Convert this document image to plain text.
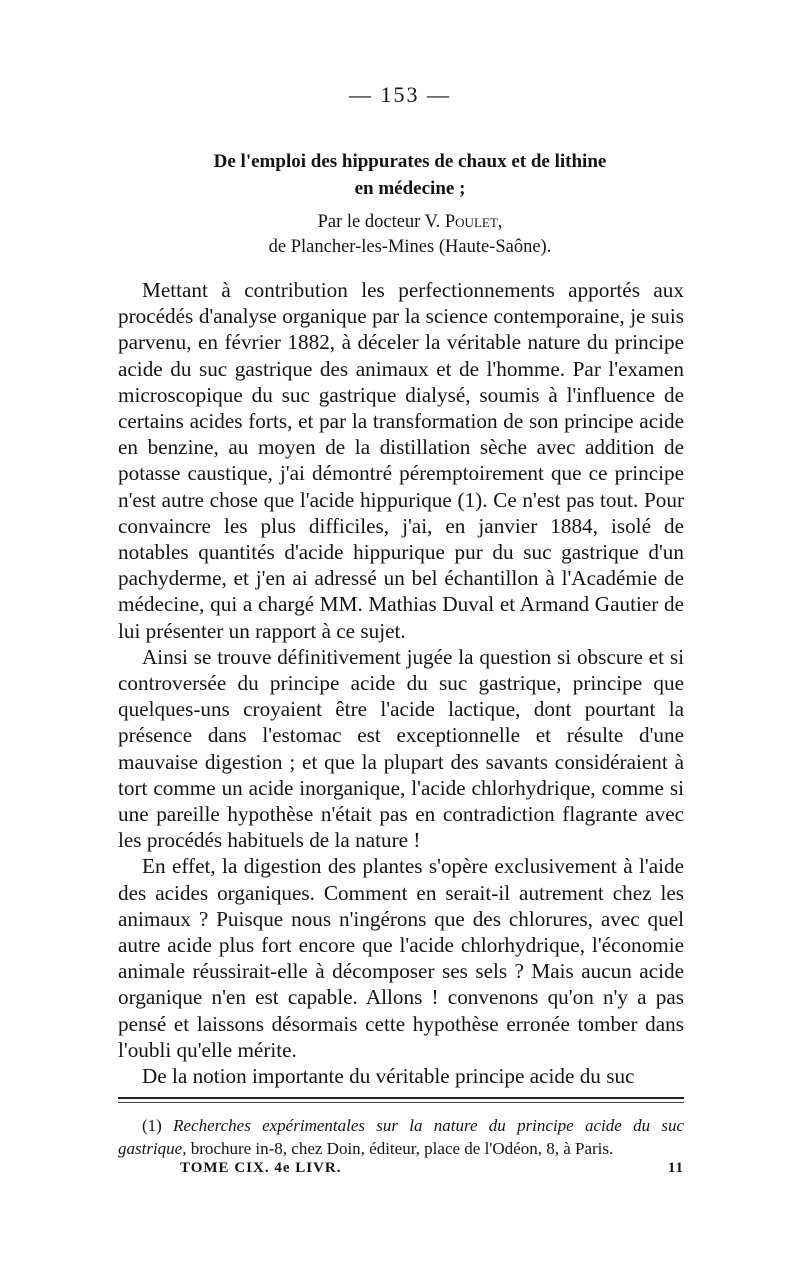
— 153 —
De l'emploi des hippurates de chaux et de lithine
en médecine ;
Par le docteur V. Poulet,
de Plancher-les-Mines (Haute-Saône).

Mettant à contribution les perfectionnements apportés aux procédés d'analyse organique par la science contemporaine, je suis parvenu, en février 1882, à déceler la véritable nature du principe acide du suc gastrique des animaux et de l'homme. Par l'examen microscopique du suc gastrique dialysé, soumis à l'influence de certains acides forts, et par la transformation de son principe acide en benzine, au moyen de la distillation sèche avec addition de potasse caustique, j'ai démontré péremptoirement que ce principe n'est autre chose que l'acide hippurique (1). Ce n'est pas tout. Pour convaincre les plus difficiles, j'ai, en janvier 1884, isolé de notables quantités d'acide hippurique pur du suc gastrique d'un pachyderme, et j'en ai adressé un bel échantillon à l'Académie de médecine, qui a chargé MM. Mathias Duval et Armand Gautier de lui présenter un rapport à ce sujet.

Ainsi se trouve définitivement jugée la question si obscure et si controversée du principe acide du suc gastrique, principe que quelques-uns croyaient être l'acide lactique, dont pourtant la présence dans l'estomac est exceptionnelle et résulte d'une mauvaise digestion ; et que la plupart des savants considéraient à tort comme un acide inorganique, l'acide chlorhydrique, comme si une pareille hypothèse n'était pas en contradiction flagrante avec les procédés habituels de la nature !

En effet, la digestion des plantes s'opère exclusivement à l'aide des acides organiques. Comment en serait-il autrement chez les animaux ? Puisque nous n'ingérons que des chlorures, avec quel autre acide plus fort encore que l'acide chlorhydrique, l'économie animale réussirait-elle à décomposer ses sels ? Mais aucun acide organique n'en est capable. Allons ! convenons qu'on n'y a pas pensé et laissons désormais cette hypothèse erronée tomber dans l'oubli qu'elle mérite.

De la notion importante du véritable principe acide du suc

(1) Recherches expérimentales sur la nature du principe acide du suc gastrique, brochure in-8, chez Doin, éditeur, place de l'Odéon, 8, à Paris.

TOME CIX. 4e LIVR.	11
